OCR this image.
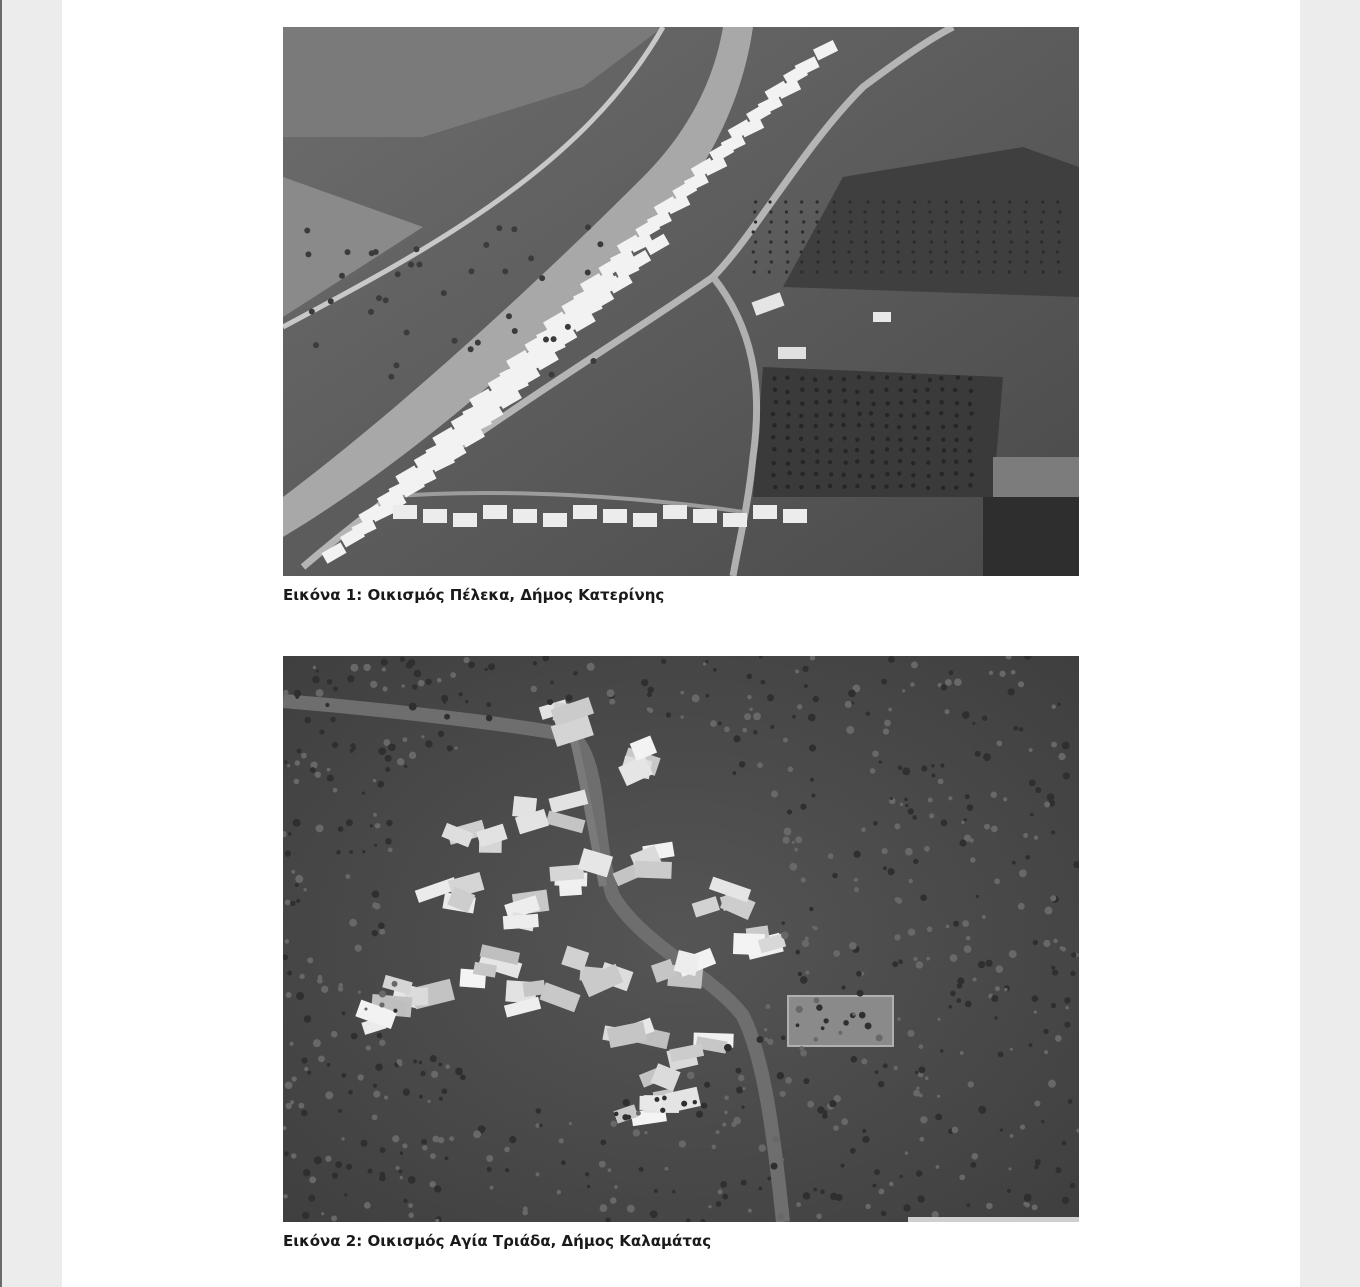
Εικόνα 1: Οικισμός Πέλεκα, Δήμος Κατερίνης
Εικόνα 2: Οικισμός Αγία Τριάδα, Δήμος Καλαμάτας
